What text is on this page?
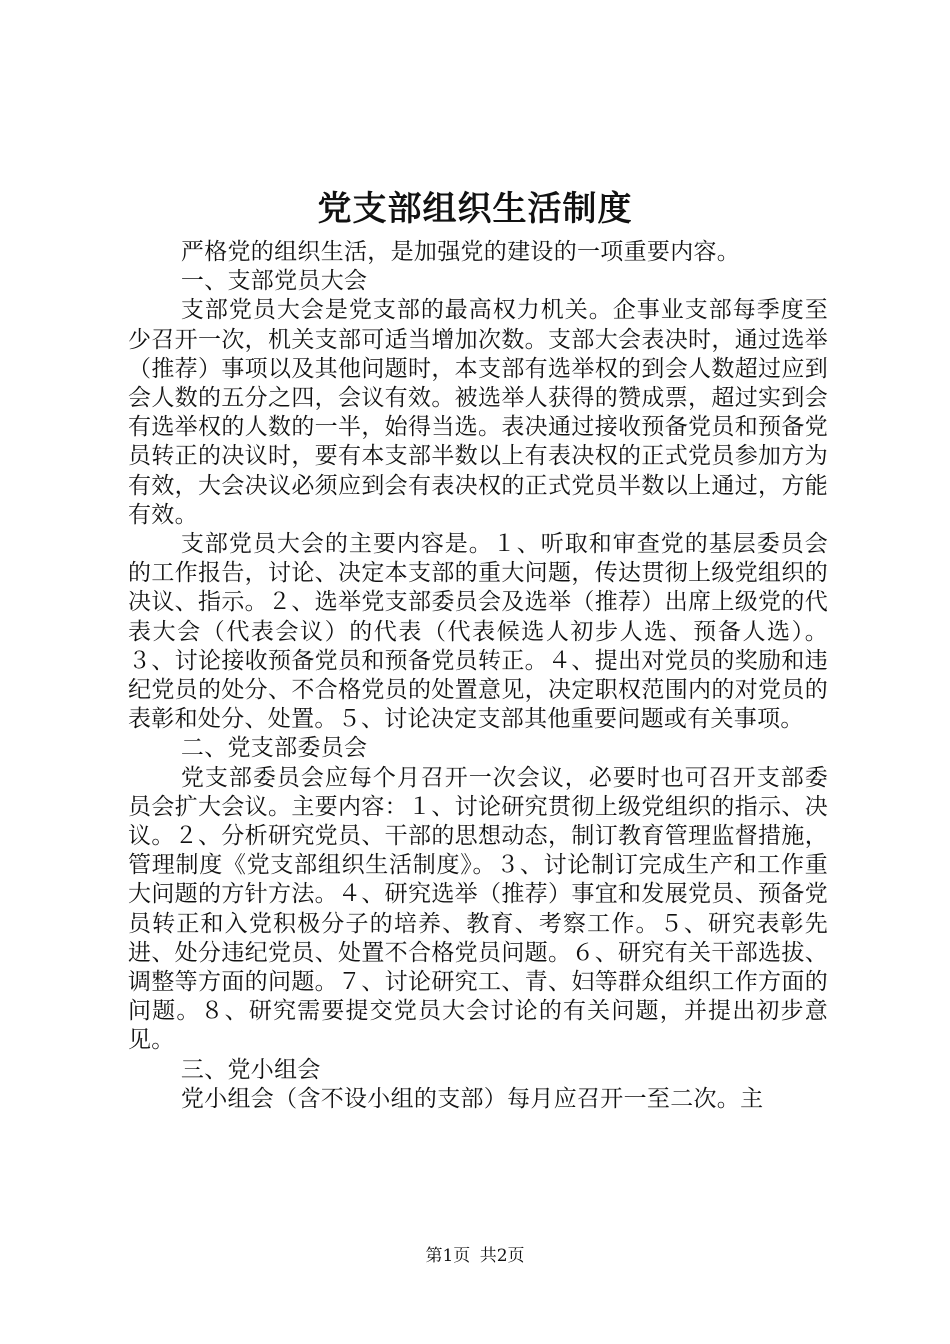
党支部组织生活制度

严格党的组织生活，是加强党的建设的一项重要内容。

一、支部党员大会

支部党员大会是党支部的最高权力机关。企事业支部每季度至少召开一次，机关支部可适当增加次数。支部大会表决时，通过选举（推荐）事项以及其他问题时，本支部有选举权的到会人数超过应到会人数的五分之四，会议有效。被选举人获得的赞成票，超过实到会有选举权的人数的一半，始得当选。表决通过接收预备党员和预备党员转正的决议时，要有本支部半数以上有表决权的正式党员参加方为有效，大会决议必须应到会有表决权的正式党员半数以上通过，方能有效。

支部党员大会的主要内容是。１、听取和审查党的基层委员会的工作报告，讨论、决定本支部的重大问题，传达贯彻上级党组织的决议、指示。２、选举党支部委员会及选举（推荐）出席上级党的代表大会（代表会议）的代表（代表候选人初步人选、预备人选）。３、讨论接收预备党员和预备党员转正。４、提出对党员的奖励和违纪党员的处分、不合格党员的处置意见，决定职权范围内的对党员的表彰和处分、处置。５、讨论决定支部其他重要问题或有关事项。

二、党支部委员会

党支部委员会应每个月召开一次会议，必要时也可召开支部委员会扩大会议。主要内容：１、讨论研究贯彻上级党组织的指示、决议。２、分析研究党员、干部的思想动态，制订教育管理监督措施，管理制度《党支部组织生活制度》。３、讨论制订完成生产和工作重大问题的方针方法。４、研究选举（推荐）事宜和发展党员、预备党员转正和入党积极分子的培养、教育、考察工作。５、研究表彰先进、处分违纪党员、处置不合格党员问题。６、研究有关干部选拔、调整等方面的问题。７、讨论研究工、青、妇等群众组织工作方面的问题。８、研究需要提交党员大会讨论的有关问题，并提出初步意见。

三、党小组会

党小组会（含不设小组的支部）每月应召开一至二次。主

第1页 共2页
